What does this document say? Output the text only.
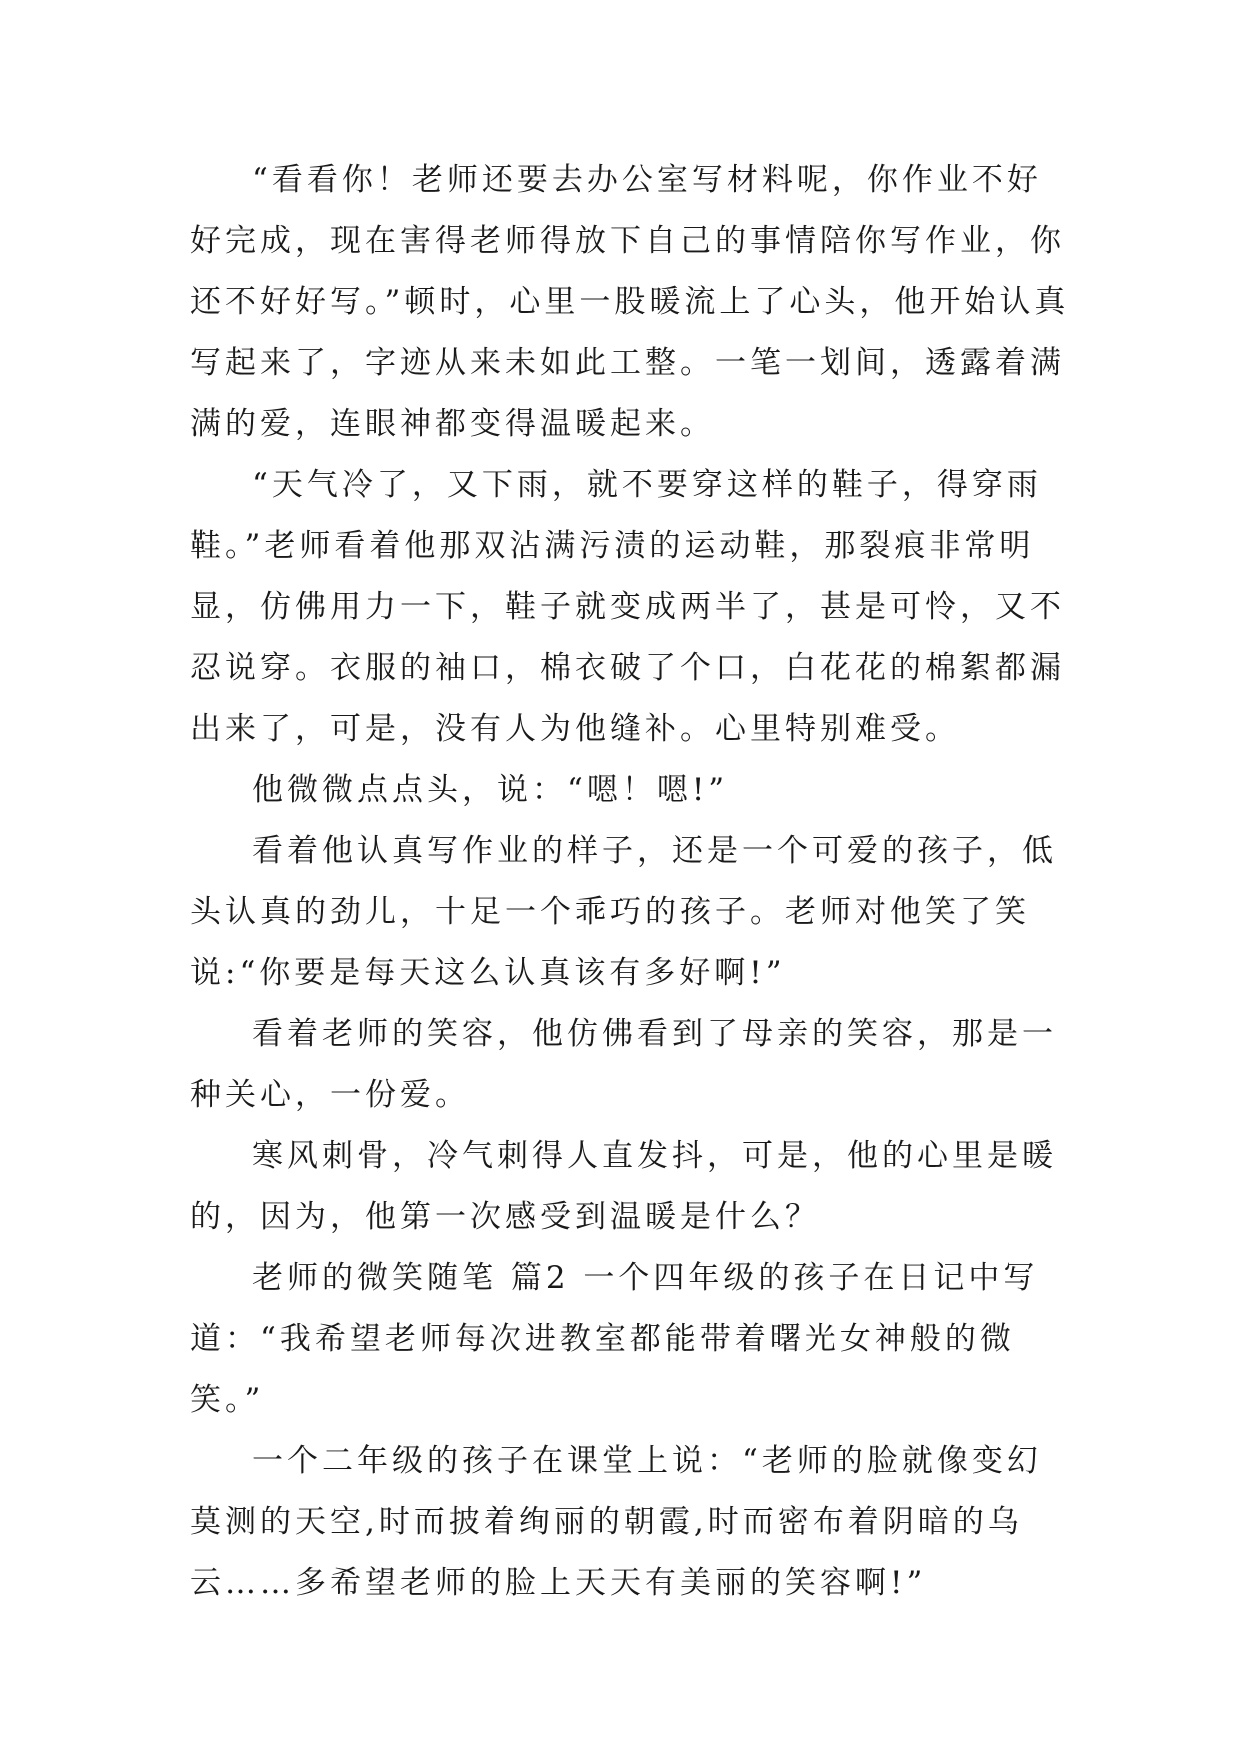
“看看你！老师还要去办公室写材料呢，你作业不好好完成，现在害得老师得放下自己的事情陪你写作业，你还不好好写。”顿时，心里一股暖流上了心头，他开始认真写起来了，字迹从来未如此工整。一笔一划间，透露着满满的爱，连眼神都变得温暖起来。

“天气冷了，又下雨，就不要穿这样的鞋子，得穿雨鞋。”老师看着他那双沾满污渍的运动鞋，那裂痕非常明显，仿佛用力一下，鞋子就变成两半了，甚是可怜，又不忍说穿。衣服的袖口，棉衣破了个口，白花花的棉絮都漏出来了，可是，没有人为他缝补。心里特别难受。

他微微点点头，说：“嗯！嗯!”

看着他认真写作业的样子，还是一个可爱的孩子，低头认真的劲儿，十足一个乖巧的孩子。老师对他笑了笑说:“你要是每天这么认真该有多好啊!”

看着老师的笑容，他仿佛看到了母亲的笑容，那是一种关心，一份爱。

寒风刺骨，冷气刺得人直发抖，可是，他的心里是暖的，因为，他第一次感受到温暖是什么？

老师的微笑随笔 篇2 一个四年级的孩子在日记中写道：“我希望老师每次进教室都能带着曙光女神般的微笑。”

一个二年级的孩子在课堂上说：“老师的脸就像变幻莫测的天空,时而披着绚丽的朝霞,时而密布着阴暗的乌云……多希望老师的脸上天天有美丽的笑容啊!”
